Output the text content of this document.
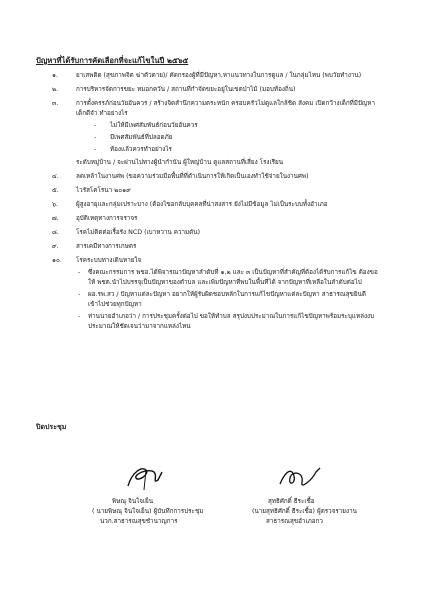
ปัญหาที่ได้รับการคัดเลือกที่จะแก้ไขในปี ๒๕๖๕
๑.	ยาเสพติด (สุขภาพจิต ฆ่าตัวตาย)/ คัดกรองผู้ที่มีปัญหา,หาแนวทางในการดูแล / ในกลุ่มไหน (พบวัยทำงาน)
๒.	การบริหารจัดการขยะ หมอกควัน / สถานที่กำจัดขยะอยู่ในเขตป่าไม้ (มอบท้องถิ่น)
๓.	การตั้งครรภ์ก่อนวัยอันควร / สร้างจิตสำนึกความตระหนัก ครอบครัวไม่ดูแลใกล้ชิด สังคม เปิดกว้างเด็กที่มีปัญหาเด็กดีจำ ทำอย่างไร
- ไม่ให้มีเพศสัมพันธ์ก่อนวัยอันควร
- มีเพศสัมพันธ์ที่ปลอดภัย
- ท้องแล้วควรทำอย่างไร
ระดับหมู่บ้าน / จะผ่านไปทางผู้นำกำนัน ผู้ใหญ่บ้าน ดูแลสถานที่เสี่ยง โรงเรียน
๔.	ลดเหล้าในงานศพ (ขอความร่วมมือพื้นที่ที่ดำเนินการให้เกิดเป็นเองทำใช้จ่ายในงานศพ)
๕.	ไวรัสโคโรนา ๒๐๑๙
๖.	ผู้สูงอายุและกลุ่มเปราะบาง (ต้องไขอกลับบุคคลที่น่าสงสาร ยังไม่มีข้อมูล ไม่เป็นระบบทั้งอำเภอ
๗.	อุบัติเหตุทางการจราจร
๘.	โรคไม่ติดต่อเรื้อรัง NCD (เบาหวาน ความดัน)
๙.	สารเคมีทางการเกษตร
๑๐.	โรคระบบทางเดินหายใจ
- ซึ่งคณะกรรมการ พชอ.ได้พิจารณาปัญหาลำดับที่ ๑,๒ และ ๓ เป็นปัญหาที่สำคัญที่ต้องได้รับการแก้ไข ต้องขอให้ พชต.นำไปบรรจุเป็นปัญหาของตำบล และเพิ่มปัญหาที่พบในพื้นที่ได้ จากปัญหาที่เหลือในลำดับต่อไป
- ผอ.รพ.สว / ปัญหาแต่ละปัญหา อยากให้ผู้รับผิดชอบหลักในการแก้ไขปัญหาแต่ละปัญหา สาธารณสุขยินดีเข้าไปช่วยทุกปัญหา
- ท่านนายอำเภอว่า / การประชุมครั้งต่อไป ขอให้ทำบล สรุปงบประมาณในการแก้ไขปัญหาพร้อมระบุแหล่งงบประมาณให้ชัดเจนว่ามาจากแหล่งไหน
ปิดประชุม
พิษณุ จินใจเย็น
( นายพิษณุ จินใจเย็น) ผู้บันทึกการประชุม
นวก.สาธารณสุขชำนาญการ
สุทธิศักดิ์ ธีระเชื้อ
(นายสุทธิศักดิ์ ธีระเชื้อ) ผู้ตรวจรายงาน
สาธารณสุขอำเภอกว
